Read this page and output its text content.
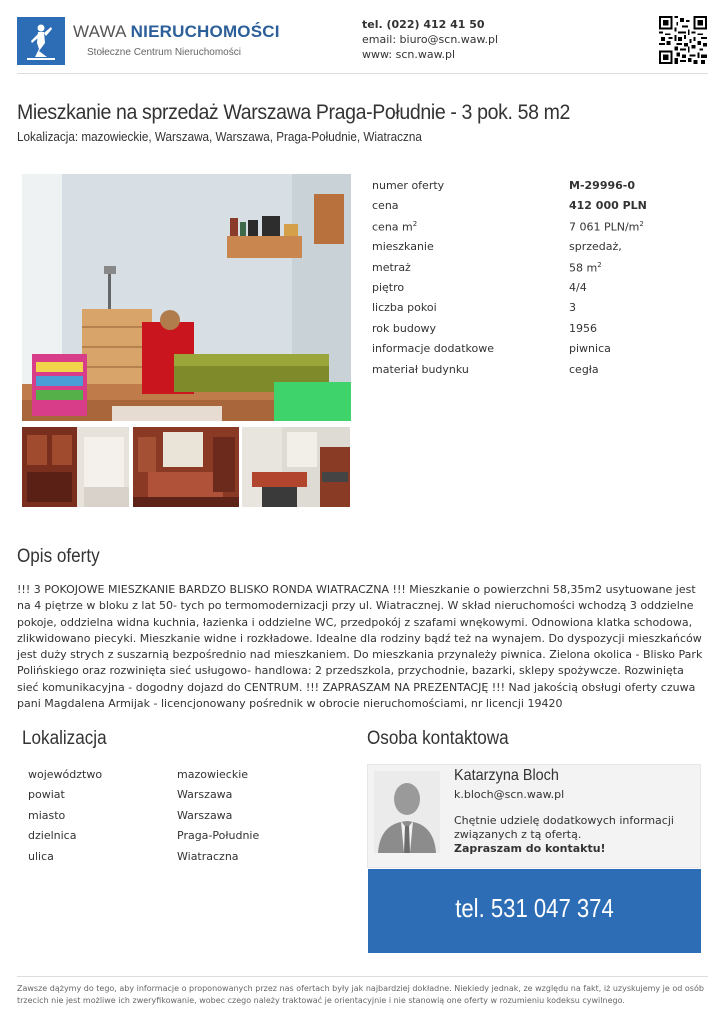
WAWA NIERUCHOMOŚCI
Stołeczne Centrum Nieruchomości
tel. (022) 412 41 50
email: biuro@scn.waw.pl
www: scn.waw.pl
Mieszkanie na sprzedaż Warszawa Praga-Południe - 3 pok. 58 m2
Lokalizacja: mazowieckie, Warszawa, Warszawa, Praga-Południe, Wiatraczna
numer oferty	M-29996-0
cena	412 000 PLN
cena $m^2$	7 061 PLN/$m^2$
mieszkanie	sprzedaż,
metraż	58 $m^2$
piętro	4/4
liczba pokoi	3
rok budowy	1956
informacje dodatkowe	piwnica
materiał budynku	cegła
Opis oferty
!!! 3 POKOJOWE MIESZKANIE BARDZO BLISKO RONDA WIATRACZNA !!! Mieszkanie o powierzchni 58,35m2 usytuowane jest na 4 piętrze w bloku z lat 50- tych po termomodernizacji przy ul. Wiatracznej. W skład nieruchomości wchodzą 3 oddzielne pokoje, oddzielna widna kuchnia, łazienka i oddzielne WC, przedpokój z szafami wnękowymi. Odnowiona klatka schodowa, zlikwidowano piecyki. Mieszkanie widne i rozkładowe. Idealne dla rodziny bądź też na wynajem. Do dyspozycji mieszkańców jest duży strych z suszarnią bezpośrednio nad mieszkaniem. Do mieszkania przynależy piwnica. Zielona okolica - Blisko Park Polińskiego oraz rozwinięta sieć usługowo- handlowa: 2 przedszkola, przychodnie, bazarki, sklepy spożywcze. Rozwinięta sieć komunikacyjna - dogodny dojazd do CENTRUM. !!! ZAPRASZAM NA PREZENTACJĘ !!! Nad jakością obsługi oferty czuwa pani Magdalena Armijak - licencjonowany pośrednik w obrocie nieruchomościami, nr licencji 19420
Lokalizacja
województwo	mazowieckie
powiat	Warszawa
miasto	Warszawa
dzielnica	Praga-Południe
ulica	Wiatraczna
Osoba kontaktowa
Katarzyna Bloch
k.bloch@scn.waw.pl
Chętnie udzielę dodatkowych informacji
związanych z tą ofertą.
Zapraszam do kontaktu!
tel. 531 047 374
Zawsze dążymy do tego, aby informacje o proponowanych przez nas ofertach były jak najbardziej dokładne. Niekiedy jednak, ze względu na fakt, iż uzyskujemy je od osób trzecich nie jest możliwe ich zweryfikowanie, wobec czego należy traktować je orientacyjnie i nie stanowią one oferty w rozumieniu kodeksu cywilnego.
